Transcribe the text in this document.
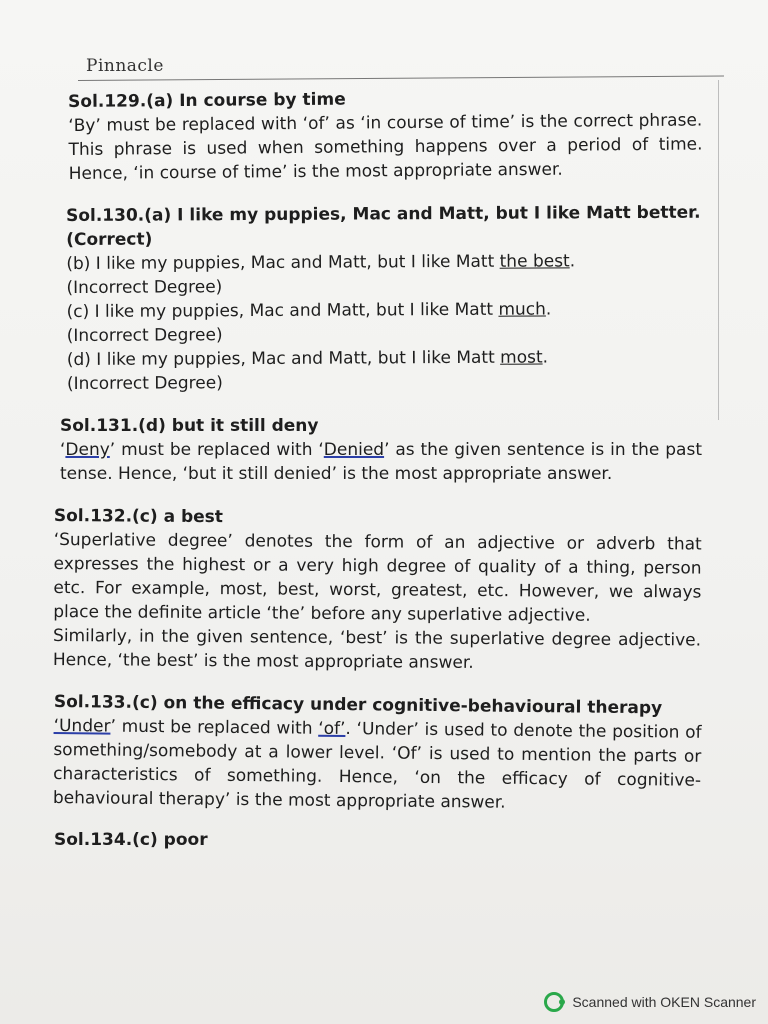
Pinnacle
Sol.129.(a) In course by time

‘By’ must be replaced with ‘of’ as ‘in course of time’ is the correct phrase. This phrase is used when something happens over a period of time. Hence, ‘in course of time’ is the most appropriate answer.

Sol.130.(a) I like my puppies, Mac and Matt, but I like Matt better. (Correct)
(b) I like my puppies, Mac and Matt, but I like Matt the best.
(Incorrect Degree)
(c) I like my puppies, Mac and Matt, but I like Matt much.
(Incorrect Degree)
(d) I like my puppies, Mac and Matt, but I like Matt most.
(Incorrect Degree)
Sol.131.(d) but it still deny

‘Deny’ must be replaced with ‘Denied’ as the given sentence is in the past tense. Hence, ‘but it still denied’ is the most appropriate answer.

Sol.132.(c) a best

‘Superlative degree’ denotes the form of an adjective or adverb that expresses the highest or a very high degree of quality of a thing, person etc. For example, most, best, worst, greatest, etc. However, we always place the definite article ‘the’ before any superlative adjective.

Similarly, in the given sentence, ‘best’ is the superlative degree adjective. Hence, ‘the best’ is the most appropriate answer.

Sol.133.(c) on the efficacy under cognitive-behavioural therapy

‘Under’ must be replaced with ‘of’. ‘Under’ is used to denote the position of something/somebody at a lower level. ‘Of’ is used to mention the parts or characteristics of something. Hence, ‘on the efficacy of cognitive-behavioural therapy’ is the most appropriate answer.

Sol.134.(c) poor
Scanned with OKEN Scanner
